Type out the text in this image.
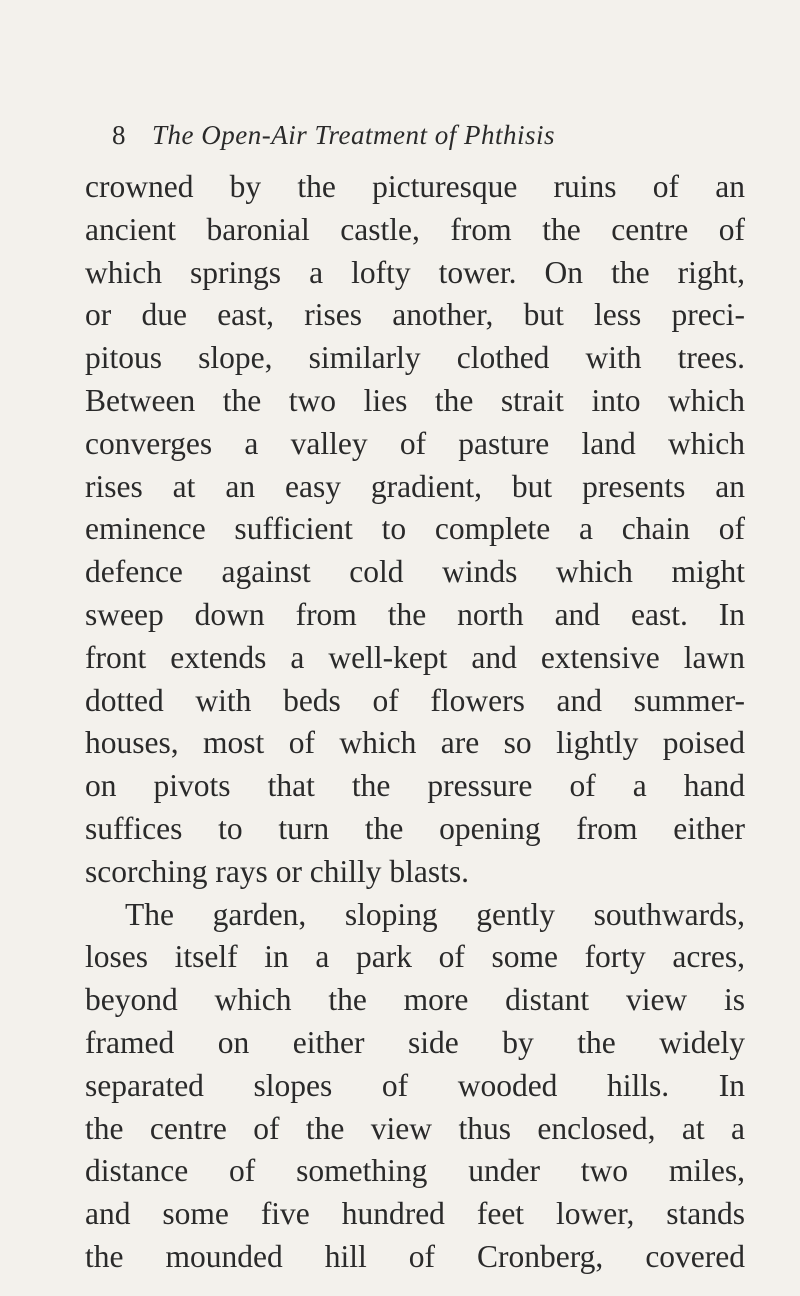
8 The Open-Air Treatment of Phthisis
crowned by the picturesque ruins of an
ancient baronial castle, from the centre of
which springs a lofty tower. On the right,
or due east, rises another, but less preci-
pitous slope, similarly clothed with trees.
Between the two lies the strait into which
converges a valley of pasture land which
rises at an easy gradient, but presents an
eminence sufficient to complete a chain of
defence against cold winds which might
sweep down from the north and east. In
front extends a well-kept and extensive lawn
dotted with beds of flowers and summer-
houses, most of which are so lightly poised
on pivots that the pressure of a hand
suffices to turn the opening from either
scorching rays or chilly blasts.
The garden, sloping gently southwards,
loses itself in a park of some forty acres,
beyond which the more distant view is
framed on either side by the widely
separated slopes of wooded hills. In
the centre of the view thus enclosed, at a
distance of something under two miles,
and some five hundred feet lower, stands
the mounded hill of Cronberg, covered
